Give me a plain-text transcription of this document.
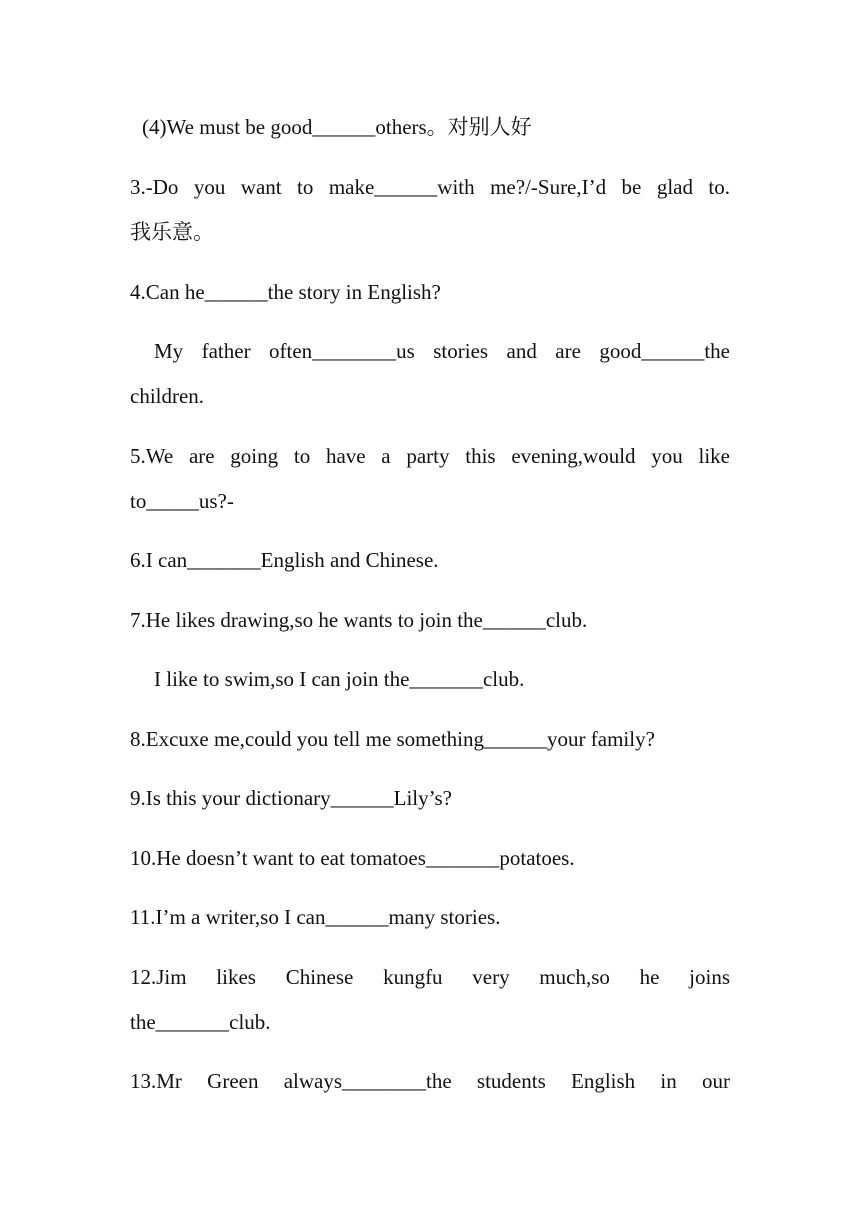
(4)We must be good______others。对别人好
3.-Do you want to make______with me?/-Sure,I’d be glad to.
我乐意。
4.Can he______the story in English?
My father often________us stories and are good______the
children.
5.We are going to have a party this evening,would you like
to_____us?-
6.I can_______English and Chinese.
7.He likes drawing,so he wants to join the______club.
I like to swim,so I can join the_______club.
8.Excuxe me,could you tell me something______your family?
9.Is this your dictionary______Lily’s?
10.He doesn’t want to eat tomatoes_______potatoes.
11.I’m a writer,so I can______many stories.
12.Jim likes Chinese kungfu very much,so he joins
the_______club.
13.Mr Green always________the students English in our
